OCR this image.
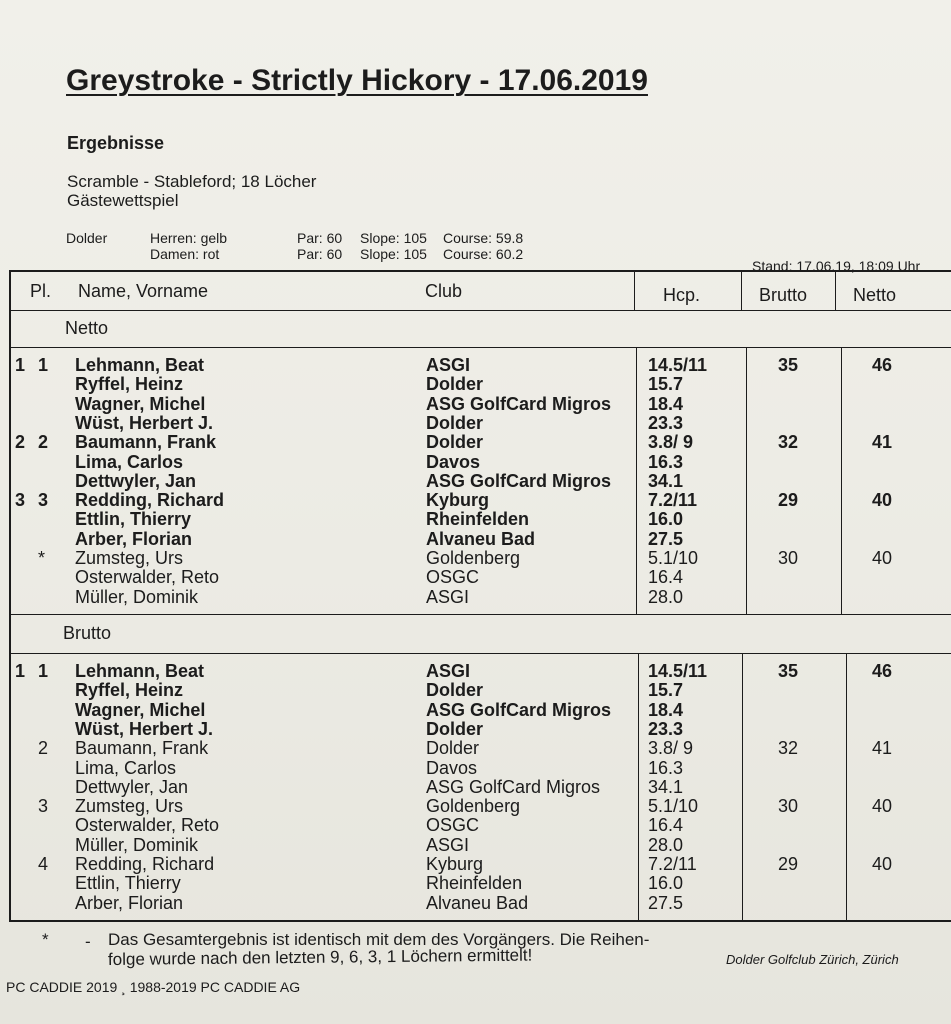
Greystroke - Strictly Hickory - 17.06.2019
Ergebnisse
Scramble - Stableford; 18 Löcher
Gästewettspiel
Dolder	Herren: gelb	Par: 60 Slope: 105 Course: 59.8
Damen: rot	Par: 60 Slope: 105 Course: 60.2
Stand: 17.06.19, 18:09 Uhr
Pl. Name, Vorname	Club	Hcp.	Brutto	Netto
Netto
Brutto
1 1 Lehmann, Beat	ASGI	14.5/11	35	46
Ryffel, Heinz	Dolder	15.7
Wagner, Michel	ASG GolfCard Migros 18.4
Wüst, Herbert J.	Dolder	23.3
2 2 Baumann, Frank	Dolder	3.8/ 9	32	41
Lima, Carlos	Davos	16.3
Dettwyler, Jan	ASG GolfCard Migros 34.1
3 3 Redding, Richard	Kyburg	7.2/11	29	40
Ettlin, Thierry	Rheinfelden	16.0
Arber, Florian	Alvaneu Bad	27.5
* Zumsteg, Urs	Goldenberg	5.1/10	30	40
Osterwalder, Reto	OSGC	16.4
Müller, Dominik	ASGI	28.0
1 1 Lehmann, Beat	ASGI	14.5/11	35	46
Ryffel, Heinz	Dolder	15.7
Wagner, Michel	ASG GolfCard Migros 18.4
Wüst, Herbert J.	Dolder	23.3
2 Baumann, Frank	Dolder	3.8/ 9	32	41
Lima, Carlos	Davos	16.3
Dettwyler, Jan	ASG GolfCard Migros	34.1
3 Zumsteg, Urs	Goldenberg	5.1/10	30	40
Osterwalder, Reto	OSGC	16.4
Müller, Dominik	ASGI	28.0
4 Redding, Richard	Kyburg	7.2/11	29	40
Ettlin, Thierry	Rheinfelden	16.0
Arber, Florian	Alvaneu Bad	27.5
* - Das Gesamtergebnis ist identisch mit dem des Vorgängers. Die Reihen-
folge wurde nach den letzten 9, 6, 3, 1 Löchern ermittelt!	Dolder Golfclub Zürich, Zürich
PC CADDIE 2019 ¸ 1988-2019 PC CADDIE AG
